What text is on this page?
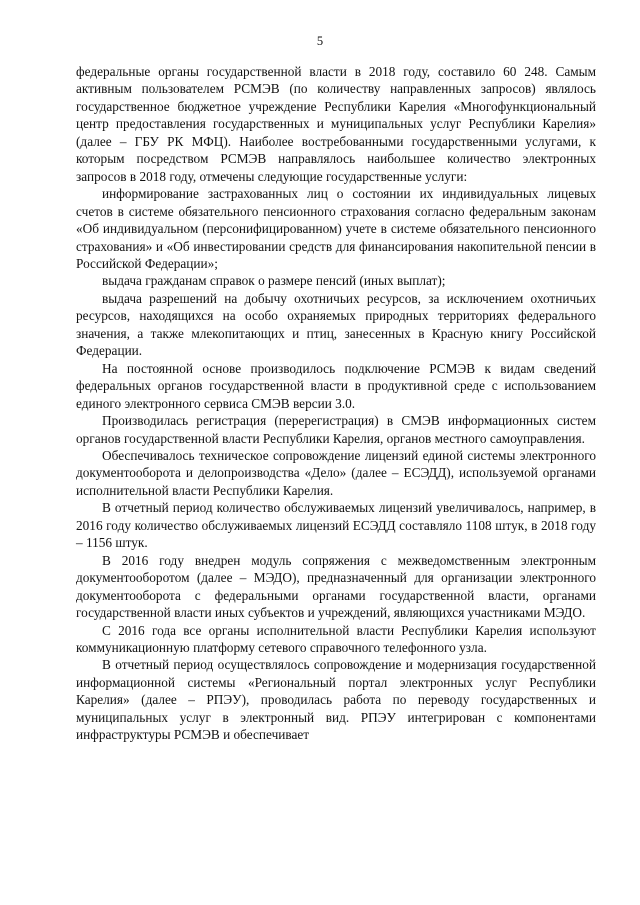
5

федеральные органы государственной власти в 2018 году, составило 60 248. Самым активным пользователем РСМЭВ (по количеству направленных запросов) являлось государственное бюджетное учреждение Республики Карелия «Многофункциональный центр предоставления государственных и муниципальных услуг Республики Карелия» (далее – ГБУ РК МФЦ). Наиболее востребованными государственными услугами, к которым посредством РСМЭВ направлялось наибольшее количество электронных запросов в 2018 году, отмечены следующие государственные услуги:

информирование застрахованных лиц о состоянии их индивидуальных лицевых счетов в системе обязательного пенсионного страхования согласно федеральным законам «Об индивидуальном (персонифицированном) учете в системе обязательного пенсионного страхования» и «Об инвестировании средств для финансирования накопительной пенсии в Российской Федерации»;

выдача гражданам справок о размере пенсий (иных выплат);

выдача разрешений на добычу охотничьих ресурсов, за исключением охотничьих ресурсов, находящихся на особо охраняемых природных территориях федерального значения, а также млекопитающих и птиц, занесенных в Красную книгу Российской Федерации.

На постоянной основе производилось подключение РСМЭВ к видам сведений федеральных органов государственной власти в продуктивной среде с использованием единого электронного сервиса СМЭВ версии 3.0.

Производилась регистрация (перерегистрация) в СМЭВ информационных систем органов государственной власти Республики Карелия, органов местного самоуправления.

Обеспечивалось техническое сопровождение лицензий единой системы электронного документооборота и делопроизводства «Дело» (далее – ЕСЭДД), используемой органами исполнительной власти Республики Карелия.

В отчетный период количество обслуживаемых лицензий увеличивалось, например, в 2016 году количество обслуживаемых лицензий ЕСЭДД составляло 1108 штук, в 2018 году – 1156 штук.

В 2016 году внедрен модуль сопряжения с межведомственным электронным документооборотом (далее – МЭДО), предназначенный для организации электронного документооборота с федеральными органами государственной власти, органами государственной власти иных субъектов и учреждений, являющихся участниками МЭДО.

С 2016 года все органы исполнительной власти Республики Карелия используют коммуникационную платформу сетевого справочного телефонного узла.

В отчетный период осуществлялось сопровождение и модернизация государственной информационной системы «Региональный портал электронных услуг Республики Карелия» (далее – РПЭУ), проводилась работа по переводу государственных и муниципальных услуг в электронный вид. РПЭУ интегрирован с компонентами инфраструктуры РСМЭВ и обеспечивает
